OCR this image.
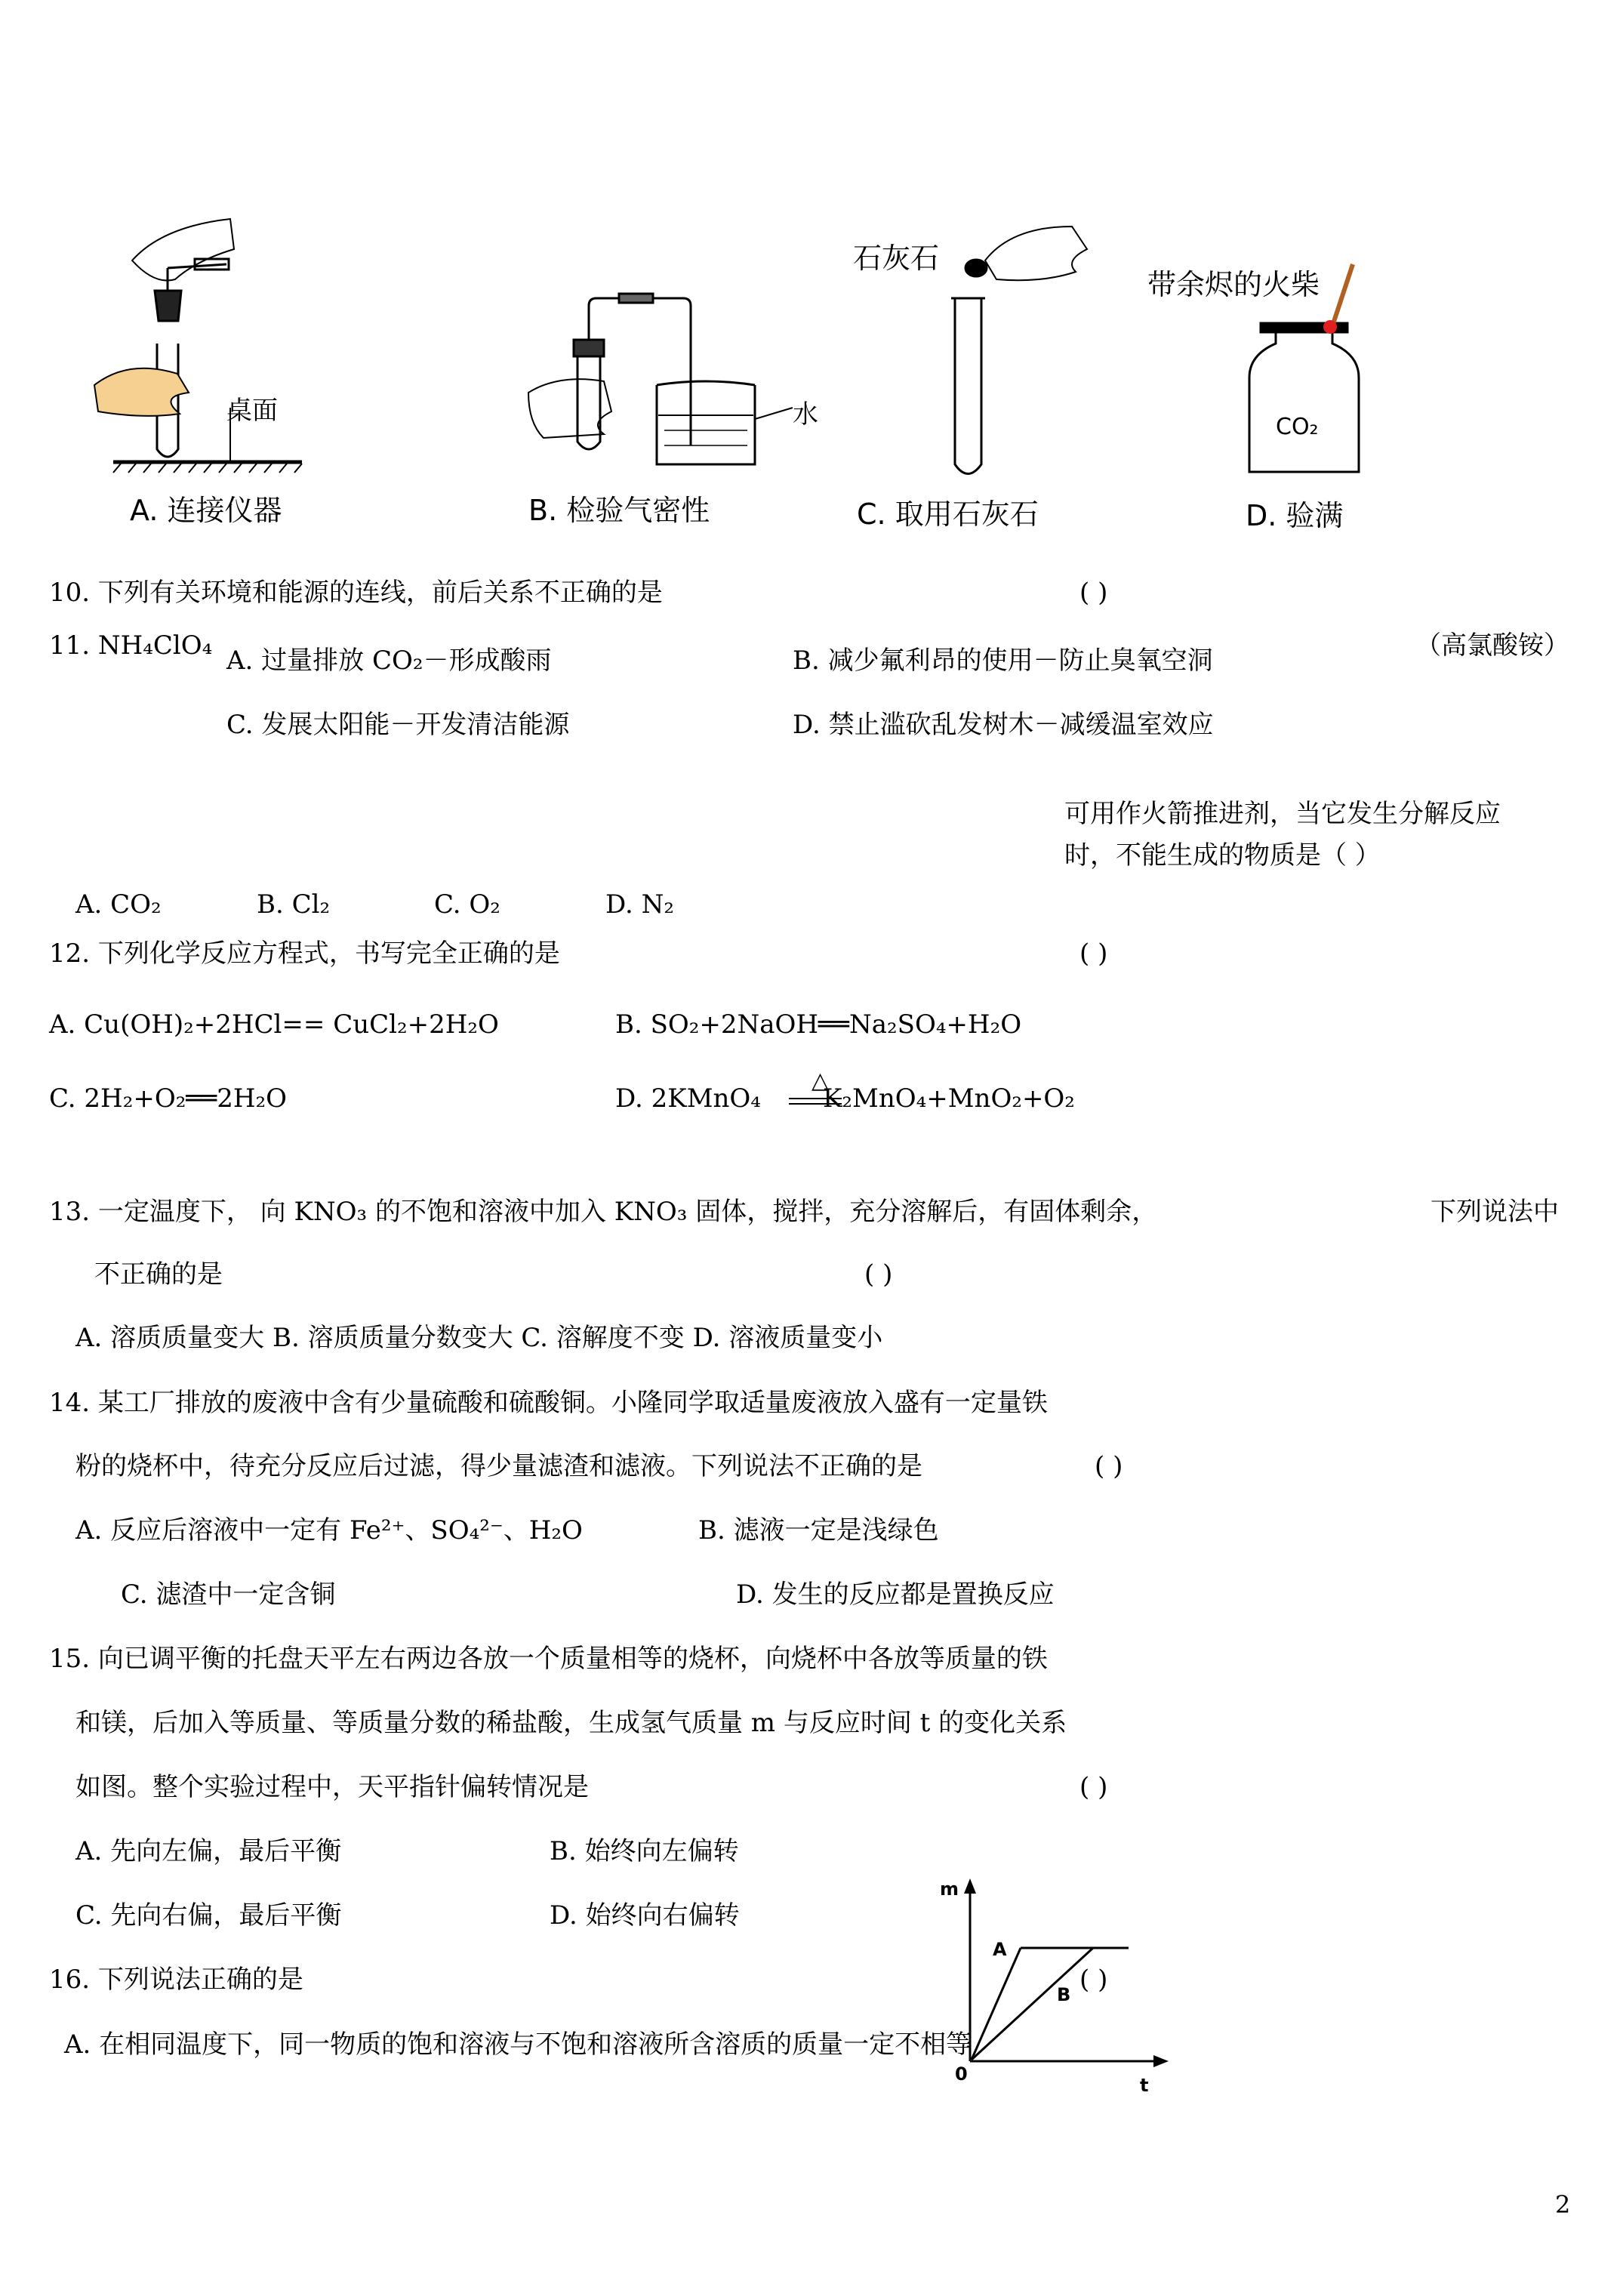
桌面	水
石灰石
带余烬的火柴
CO₂
A. 连接仪器	B. 检验气密性	C. 取用石灰石	D. 验满
10. 下列有关环境和能源的连线，前后关系不正确的是	( )
11. NH₄ClO₄ A. 过量排放 CO₂－形成酸雨	B. 减少氟利昂的使用－防止臭氧空洞	（高氯酸铵）
C. 发展太阳能－开发清洁能源	D. 禁止滥砍乱发树木－减缓温室效应
可用作火箭推进剂，当它发生分解反应
时，不能生成的物质是（ ）
A. CO₂	B. Cl₂	C. O₂	D. N₂
12. 下列化学反应方程式，书写完全正确的是	( )
A. Cu(OH)₂+2HCl== CuCl₂+2H₂O	B. SO₂+2NaOH══Na₂SO₄+H₂O
C. 2H₂+O₂══2H₂O	D. 2KMnO₄
△
K₂MnO₄+MnO₂+O₂
13. 一定温度下， 向 KNO₃ 的不饱和溶液中加入 KNO₃ 固体，搅拌，充分溶解后，有固体剩余，	下列说法中
不正确的是	( )
A. 溶质质量变大 B. 溶质质量分数变大 C. 溶解度不变 D. 溶液质量变小
14. 某工厂排放的废液中含有少量硫酸和硫酸铜。小隆同学取适量废液放入盛有一定量铁
粉的烧杯中，待充分反应后过滤，得少量滤渣和滤液。下列说法不正确的是	( )
A. 反应后溶液中一定有 Fe²⁺、SO₄²⁻、H₂O	B. 滤液一定是浅绿色
C. 滤渣中一定含铜	D. 发生的反应都是置换反应
15. 向已调平衡的托盘天平左右两边各放一个质量相等的烧杯，向烧杯中各放等质量的铁
和镁，后加入等质量、等质量分数的稀盐酸，生成氢气质量 m 与反应时间 t 的变化关系
如图。整个实验过程中，天平指针偏转情况是	( )
A. 先向左偏，最后平衡	B. 始终向左偏转
C. 先向右偏，最后平衡	D. 始终向右偏转
16. 下列说法正确的是
A. 在相同温度下，同一物质的饱和溶液与不饱和溶液所含溶质的质量一定不相等
m
t
0
A
B ( )
2
